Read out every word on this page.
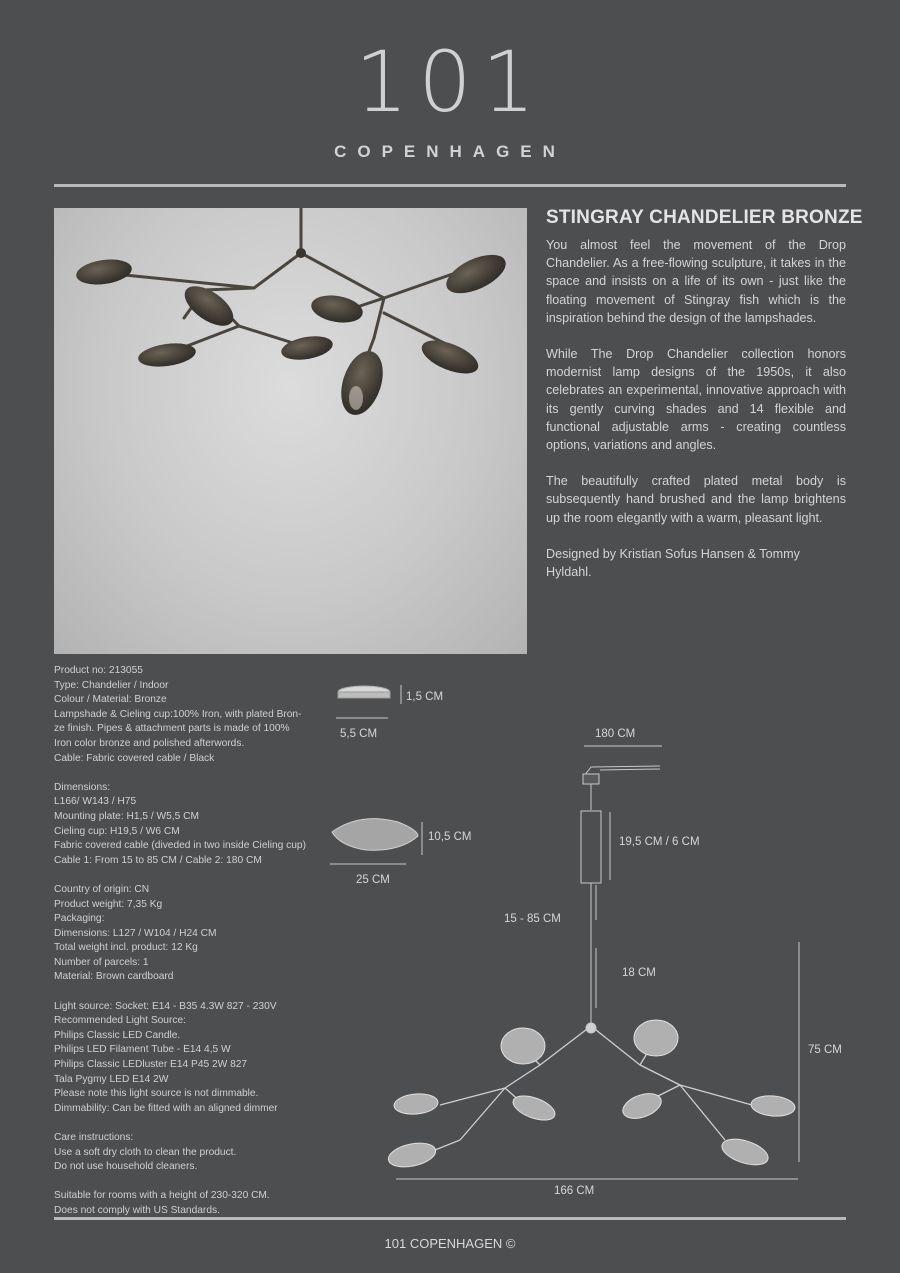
101
COPENHAGEN
STINGRAY CHANDELIER BRONZE

You almost feel the movement of the Drop Chandelier. As a free-flowing sculpture, it takes in the space and insists on a life of its own - just like the floating movement of Stingray fish which is the inspiration behind the design of the lampshades.

While The Drop Chandelier collection honors modernist lamp designs of the 1950s, it also celebrates an experimental, innovative approach with its gently curving shades and 14 flexible and functional adjustable arms - creating countless options, variations and angles.

The beautifully crafted plated metal body is subsequently hand brushed and the lamp brightens up the room elegantly with a warm, pleasant light.

Designed by Kristian Sofus Hansen & Tommy Hyldahl.

Product no: 213055
Type: Chandelier / Indoor
Colour / Material: Bronze
Lampshade & Cieling cup:100% Iron, with plated Bron-
ze finish. Pipes & attachment parts is made of 100%
Iron color bronze and polished afterwords.
Cable: Fabric covered cable / Black
Dimensions:
L166/ W143 / H75
Mounting plate: H1,5 / W5,5 CM
Cieling cup: H19,5 / W6 CM
Fabric covered cable (diveded in two inside Cieling cup)
Cable 1: From 15 to 85 CM / Cable 2: 180 CM
Country of origin: CN
Product weight: 7,35 Kg
Packaging:
Dimensions: L127 / W104 / H24 CM
Total weight incl. product: 12 Kg
Number of parcels: 1
Material: Brown cardboard
Light source: Socket: E14 - B35 4.3W 827 - 230V
Recommended Light Source:
Philips Classic LED Candle.
Philips LED Filament Tube - E14 4,5 W
Philips Classic LEDluster E14 P45 2W 827
Tala Pygmy LED E14 2W
Please note this light source is not dimmable.
Dimmability: Can be fitted with an aligned dimmer
Care instructions:
Use a soft dry cloth to clean the product.
Do not use household cleaners.
Suitable for rooms with a height of 230-320 CM.
Does not comply with US Standards.
1,5 CM
5,5 CM
10,5 CM
25 CM
180 CM
19,5 CM / 6 CM
15 - 85 CM
18 CM
75 CM
166 CM
101 COPENHAGEN ©
